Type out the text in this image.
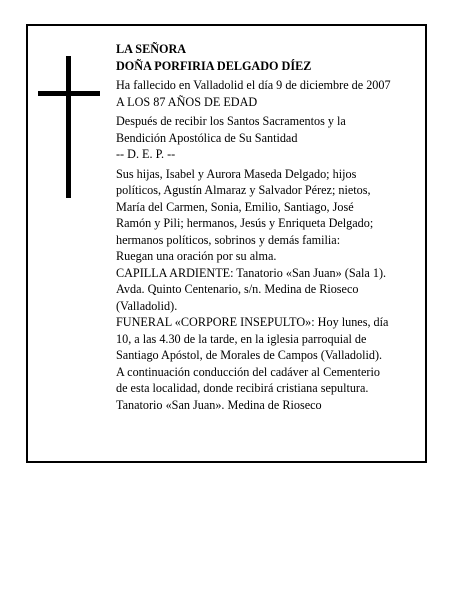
LA SEÑORA
DOÑA PORFIRIA DELGADO DÍEZ
Ha fallecido en Valladolid el día 9 de diciembre de 2007
A LOS 87 AÑOS DE EDAD
Después de recibir los Santos Sacramentos y la
Bendición Apostólica de Su Santidad
-- D. E. P. --
Sus hijas, Isabel y Aurora Maseda Delgado; hijos
políticos, Agustín Almaraz y Salvador Pérez; nietos,
María del Carmen, Sonia, Emilio, Santiago, José
Ramón y Pili; hermanos, Jesús y Enriqueta Delgado;
hermanos políticos, sobrinos y demás familia:
Ruegan una oración por su alma.
CAPILLA ARDIENTE: Tanatorio «San Juan» (Sala 1).
Avda. Quinto Centenario, s/n. Medina de Rioseco
(Valladolid).
FUNERAL «CORPORE INSEPULTO»: Hoy lunes, día
10, a las 4.30 de la tarde, en la iglesia parroquial de
Santiago Apóstol, de Morales de Campos (Valladolid).
A continuación conducción del cadáver al Cementerio
de esta localidad, donde recibirá cristiana sepultura.
Tanatorio «San Juan». Medina de Rioseco
